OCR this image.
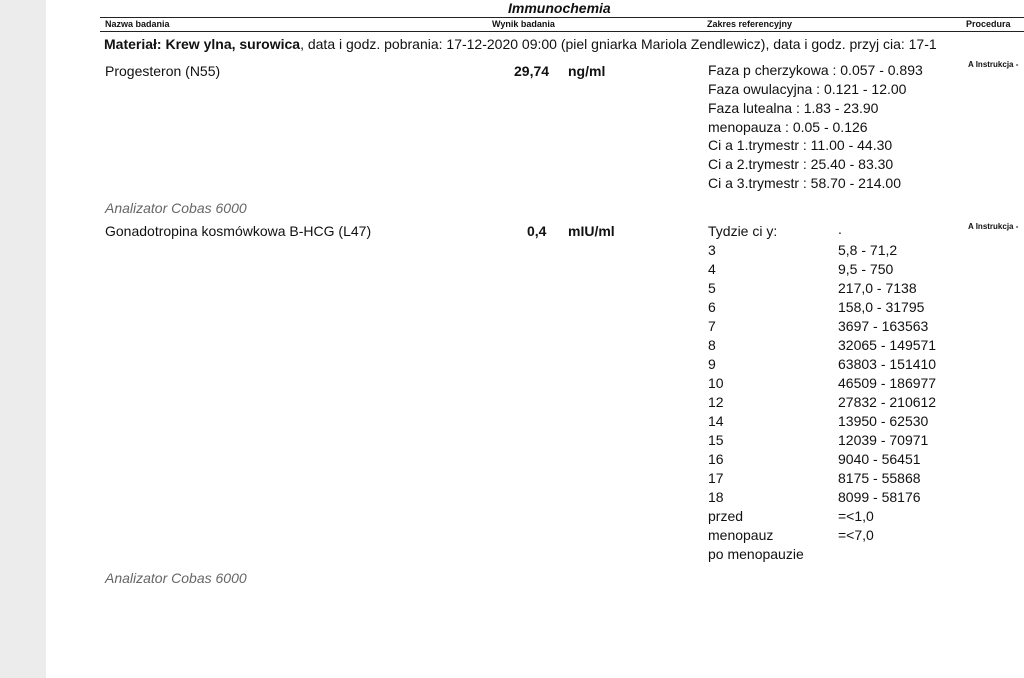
Immunochemia
Nazwa badania	Wynik badania	Zakres referencyjny	Procedura
Materiał: Krew ylna, surowica, data i godz. pobrania: 17-12-2020 09:00 (piel gniarka Mariola Zendlewicz), data i godz. przyj cia: 17-1
Progesteron (N55)	29,74 ng/ml	A Instrukcja -
Faza p cherzykowa : 0.057 - 0.893
Faza owulacyjna : 0.121 - 12.00
Faza lutealna : 1.83 - 23.90
menopauza : 0.05 - 0.126
Ci a 1.trymestr : 11.00 - 44.30
Ci a 2.trymestr : 25.40 - 83.30
Ci a 3.trymestr : 58.70 - 214.00
Analizator Cobas 6000
Gonadotropina kosmówkowa B-HCG (L47)	0,4 mIU/ml	A Instrukcja -
Tydzie ci y:	.
3	5,8 - 71,2
4	9,5 - 750
5	217,0 - 7138
6	158,0 - 31795
7	3697 - 163563
8	32065 - 149571
9	63803 - 151410
10	46509 - 186977
12	27832 - 210612
14	13950 - 62530
15	12039 - 70971
16	9040 - 56451
17	8175 - 55868
18	8099 - 58176
przed	=<1,0
menopauz	=<7,0
po menopauzie
Analizator Cobas 6000
